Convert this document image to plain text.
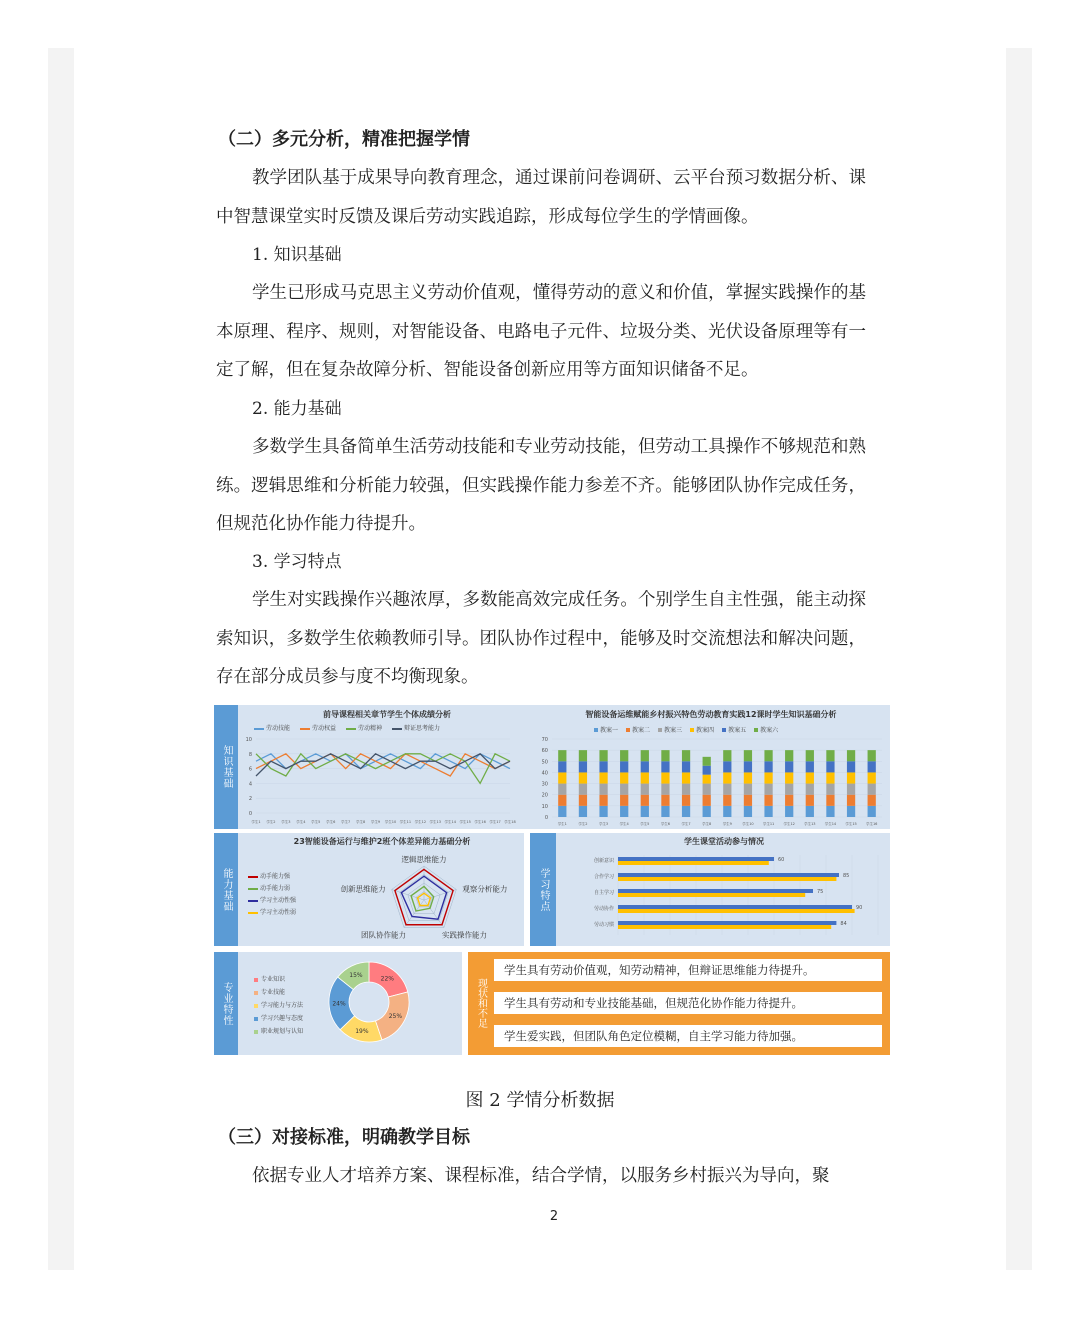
（二）多元分析，精准把握学情
教学团队基于成果导向教育理念，通过课前问卷调研、云平台预习数据分析、课中智慧课堂实时反馈及课后劳动实践追踪，形成每位学生的学情画像。
1. 知识基础
学生已形成马克思主义劳动价值观，懂得劳动的意义和价值，掌握实践操作的基本原理、程序、规则，对智能设备、电路电子元件、垃圾分类、光伏设备原理等有一定了解，但在复杂故障分析、智能设备创新应用等方面知识储备不足。
2. 能力基础
多数学生具备简单生活劳动技能和专业劳动技能，但劳动工具操作不够规范和熟练。逻辑思维和分析能力较强，但实践操作能力参差不齐。能够团队协作完成任务，但规范化协作能力待提升。
3. 学习特点
学生对实践操作兴趣浓厚，多数能高效完成任务。个别学生自主性强，能主动探索知识，多数学生依赖教师引导。团队协作过程中，能够及时交流想法和解决问题，存在部分成员参与度不均衡现象。
知识基础
前导课程相关章节学生个体成绩分析
劳动技能	劳动权益	劳动精神	辩证思考能力
0
2
4
6
8
10
学生1 学生2 学生3 学生4 学生5 学生6 学生7 学生8 学生9 学生10 学生11 学生12 学生13 学生14 学生15 学生16 学生17 学生18
智能设备运维赋能乡村振兴特色劳动教育实践12课时学生知识基础分析
教案一 教案二 教案三 教案四 教案五 教案六
0
10
20
30
40
50
60
70
学生1	学生2	学生3	学生4	学生5	学生6	学生7	学生8	学生9	学生10	学生11	学生12	学生13	学生14	学生15	学生16
能力基础
23智能设备运行与维护2班个体差异能力基础分析
动手能力强
动手能力弱
学习主动性强
学习主动性弱
逻辑思维能力
观察分析能力
实践操作能力
团队协作能力
创新思维能力	学习特点
学生课堂活动参与情况
创新意识	60
合作学习	85
自主学习	75
劳动协作	90
劳动习惯	84
专业特性
专业知识
专业技能
学习能力与方法
学习兴趣与态度
职业规划与认知
22%
25%
19%
24%
15%
现状和不足
学生具有劳动价值观，知劳动精神，但辩证思维能力待提升。
学生具有劳动和专业技能基础，但规范化协作能力待提升。
学生爱实践，但团队角色定位模糊，自主学习能力待加强。
图 2 学情分析数据
（三）对接标准，明确教学目标
依据专业人才培养方案、课程标准，结合学情，以服务乡村振兴为导向，聚
2
